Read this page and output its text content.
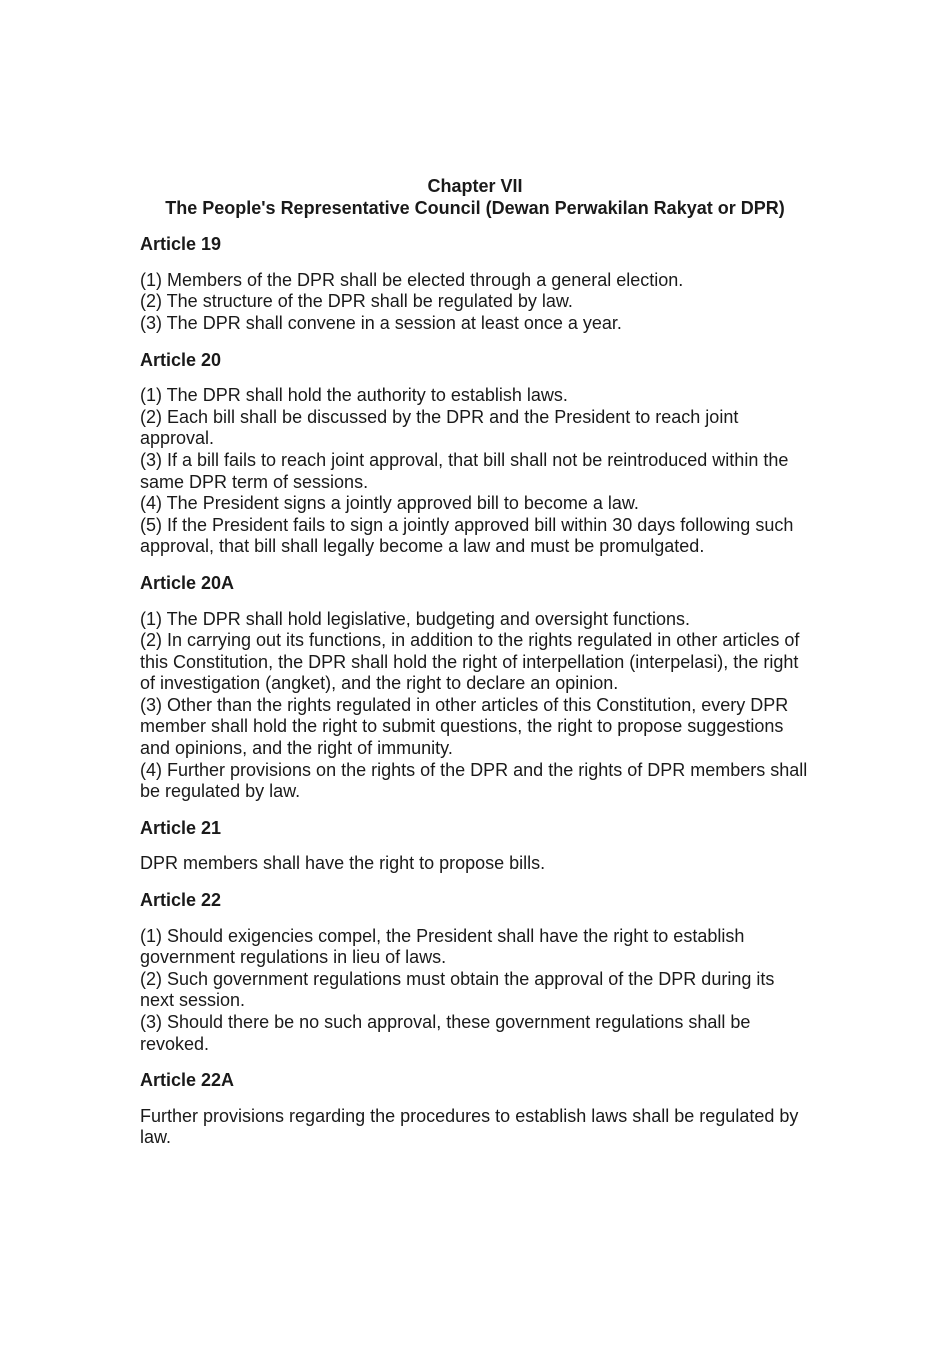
Chapter VII
The People's Representative Council (Dewan Perwakilan Rakyat or DPR)
Article 19

(1) Members of the DPR shall be elected through a general election.

(2) The structure of the DPR shall be regulated by law.

(3) The DPR shall convene in a session at least once a year.

Article 20

(1) The DPR shall hold the authority to establish laws.

(2) Each bill shall be discussed by the DPR and the President to reach joint approval.

(3) If a bill fails to reach joint approval, that bill shall not be reintroduced within the same DPR term of sessions.

(4) The President signs a jointly approved bill to become a law.

(5) If the President fails to sign a jointly approved bill within 30 days following such approval, that bill shall legally become a law and must be promulgated.

Article 20A

(1) The DPR shall hold legislative, budgeting and oversight functions.

(2) In carrying out its functions, in addition to the rights regulated in other articles of this Constitution, the DPR shall hold the right of interpellation (interpelasi), the right of investigation (angket), and the right to declare an opinion.

(3) Other than the rights regulated in other articles of this Constitution, every DPR member shall hold the right to submit questions, the right to propose suggestions and opinions, and the right of immunity.

(4) Further provisions on the rights of the DPR and the rights of DPR members shall be regulated by law.

Article 21

DPR members shall have the right to propose bills.

Article 22

(1) Should exigencies compel, the President shall have the right to establish government regulations in lieu of laws.

(2) Such government regulations must obtain the approval of the DPR during its next session.

(3) Should there be no such approval, these government regulations shall be revoked.

Article 22A

Further provisions regarding the procedures to establish laws shall be regulated by law.
